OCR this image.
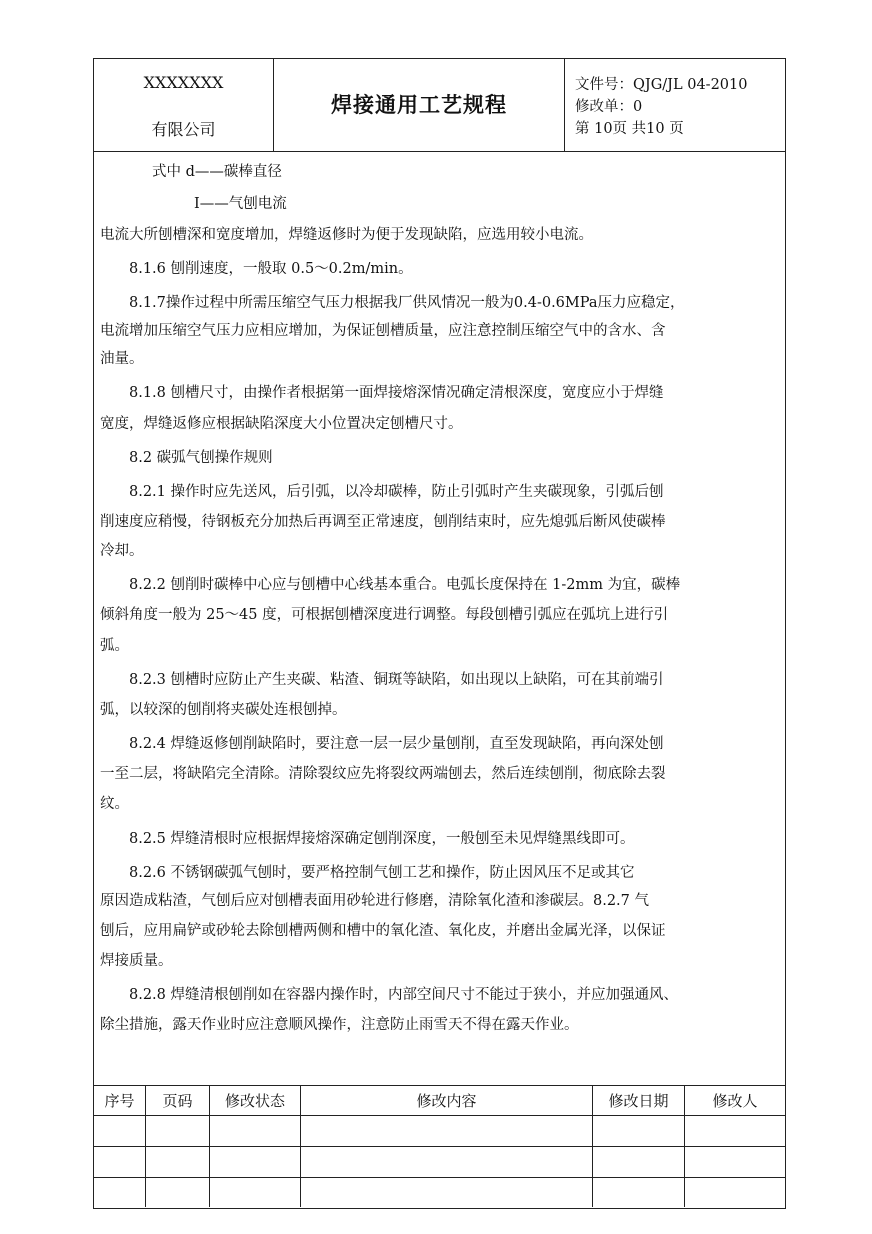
XXXXXXX
有限公司
焊接通用工艺规程
文件号：QJG/JL 04-2010
修改单：0
第 10页 共10 页
式中 d——碳棒直径
I——气刨电流
电流大所刨槽深和宽度增加，焊缝返修时为便于发现缺陷，应选用较小电流。
8.1.6 刨削速度，一般取 0.5～0.2m/min。
8.1.7操作过程中所需压缩空气压力根据我厂供风情况一般为0.4-0.6MPa压力应稳定，
电流增加压缩空气压力应相应增加，为保证刨槽质量，应注意控制压缩空气中的含水、含
油量。
8.1.8 刨槽尺寸，由操作者根据第一面焊接熔深情况确定清根深度，宽度应小于焊缝
宽度，焊缝返修应根据缺陷深度大小位置决定刨槽尺寸。
8.2 碳弧气刨操作规则
8.2.1 操作时应先送风，后引弧，以冷却碳棒，防止引弧时产生夹碳现象，引弧后刨
削速度应稍慢，待钢板充分加热后再调至正常速度，刨削结束时，应先熄弧后断风使碳棒
冷却。
8.2.2 刨削时碳棒中心应与刨槽中心线基本重合。电弧长度保持在 1-2mm 为宜，碳棒
倾斜角度一般为 25～45 度，可根据刨槽深度进行调整。每段刨槽引弧应在弧坑上进行引
弧。
8.2.3 刨槽时应防止产生夹碳、粘渣、铜斑等缺陷，如出现以上缺陷，可在其前端引
弧，以较深的刨削将夹碳处连根刨掉。
8.2.4 焊缝返修刨削缺陷时，要注意一层一层少量刨削，直至发现缺陷，再向深处刨
一至二层，将缺陷完全清除。清除裂纹应先将裂纹两端刨去，然后连续刨削，彻底除去裂
纹。
8.2.5 焊缝清根时应根据焊接熔深确定刨削深度，一般刨至未见焊缝黑线即可。
8.2.6 不锈钢碳弧气刨时，要严格控制气刨工艺和操作，防止因风压不足或其它
原因造成粘渣，气刨后应对刨槽表面用砂轮进行修磨，清除氧化渣和渗碳层。8.2.7 气
刨后，应用扁铲或砂轮去除刨槽两侧和槽中的氧化渣、氧化皮，并磨出金属光泽，以保证
焊接质量。
8.2.8 焊缝清根刨削如在容器内操作时，内部空间尺寸不能过于狭小，并应加强通风、
除尘措施，露天作业时应注意顺风操作，注意防止雨雪天不得在露天作业。
序号	页码	修改状态	修改内容	修改日期	修改人
